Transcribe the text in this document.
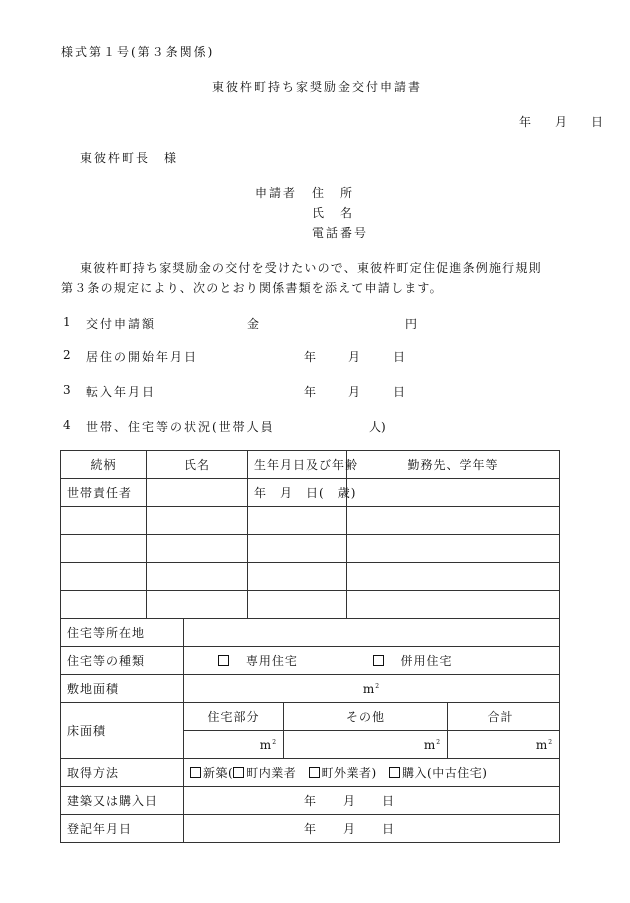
様式第１号(第３条関係)
東彼杵町持ち家奨励金交付申請書
年　月　日
東彼杵町長　様
申請者 住　所
氏　名
電話番号
東彼杵町持ち家奨励金の交付を受けたいので、東彼杵町定住促進条例施行規則
第３条の規定により、次のとおり関係書類を添えて申請します。
1 交付申請額	金	円
2 居住の開始年月日	年	月	日
3 転入年月日	年	月	日
4 世帯、住宅等の状況(世帯人員	人)
続柄	氏名		生年月日及び年齢		勤務先、学年等	
世帯責任者			年　月　日(　歳)			

住宅等所在地						
住宅等の種類		専用住宅 併用住宅				
敷地面積		$m^2$
床面積		住宅部分		その他		合計
		$m^2$		$m^2$		$m^2$
取得方法		新築( 町内業者 町外業者) 購入(中古住宅)				
建築又は購入日		年　　月　　日				
登記年月日		年　　月　　日				
